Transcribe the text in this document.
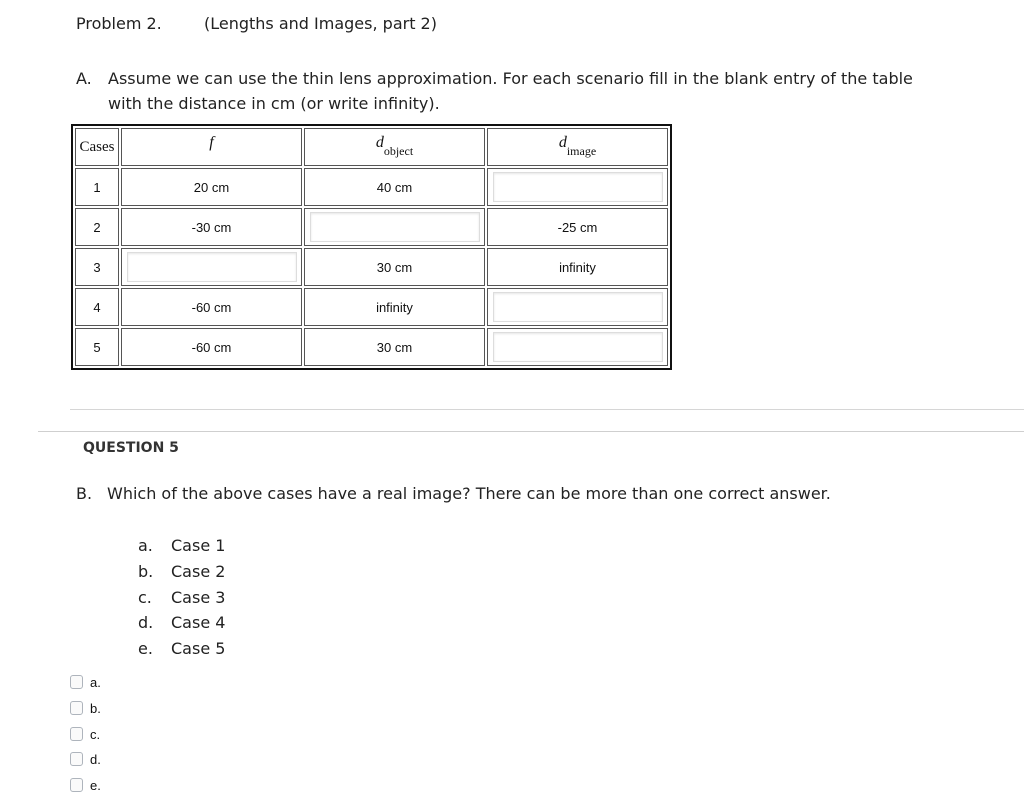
Problem 2.	(Lengths and Images, part 2)
A. Assume we can use the thin lens approximation. For each scenario fill in the blank entry of the table with the distance in cm (or write infinity).
Cases	f	$d_{object}$	$d_{image}$
1	20 cm	40 cm	

2	-30 cm		-25 cm
3		30 cm	infinity
4	-60 cm	infinity	

5	-60 cm	30 cm	
QUESTION 5
B. Which of the above cases have a real image? There can be more than one correct answer.
a. Case 1
b. Case 2
c. Case 3
d. Case 4
e. Case 5
a.
b.
c.
d.
e.
